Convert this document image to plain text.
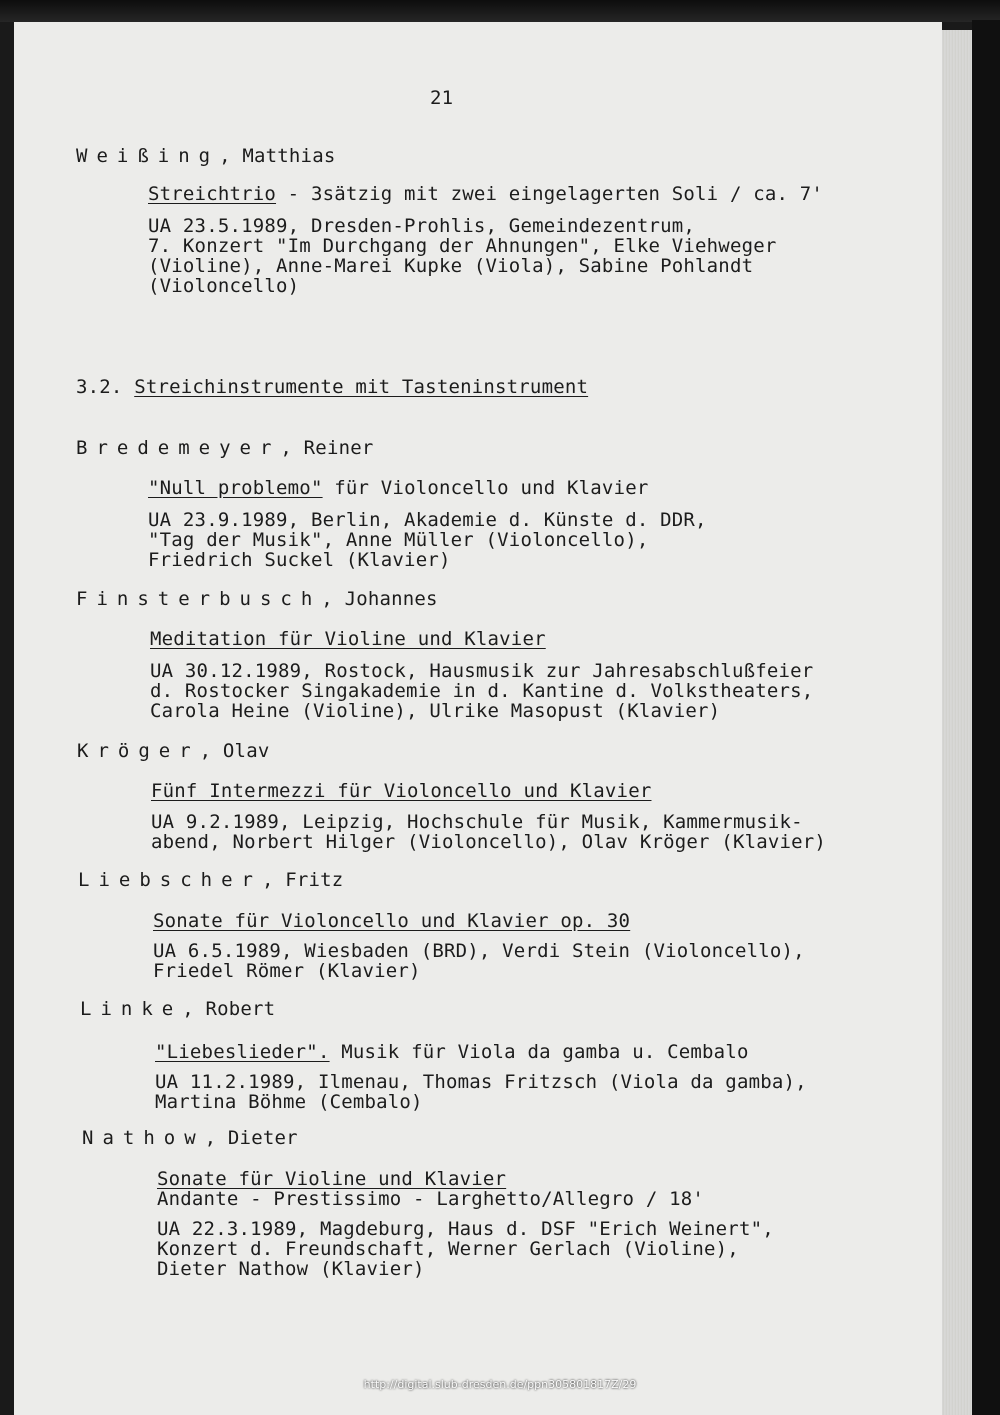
21
Weißing, Matthias
Streichtrio - 3sätzig mit zwei eingelagerten Soli / ca. 7'
UA 23.5.1989, Dresden-Prohlis, Gemeindezentrum,
7. Konzert "Im Durchgang der Ahnungen", Elke Viehweger
(Violine), Anne-Marei Kupke (Viola), Sabine Pohlandt
(Violoncello)
3.2. Streichinstrumente mit Tasteninstrument
Bredemeyer, Reiner
"Null problemo" für Violoncello und Klavier
UA 23.9.1989, Berlin, Akademie d. Künste d. DDR,
"Tag der Musik", Anne Müller (Violoncello),
Friedrich Suckel (Klavier)
Finsterbusch, Johannes
Meditation für Violine und Klavier
UA 30.12.1989, Rostock, Hausmusik zur Jahresabschlußfeier
d. Rostocker Singakademie in d. Kantine d. Volkstheaters,
Carola Heine (Violine), Ulrike Masopust (Klavier)
Kröger, Olav
Fünf Intermezzi für Violoncello und Klavier
UA 9.2.1989, Leipzig, Hochschule für Musik, Kammermusik-
abend, Norbert Hilger (Violoncello), Olav Kröger (Klavier)
Liebscher, Fritz
Sonate für Violoncello und Klavier op. 30
UA 6.5.1989, Wiesbaden (BRD), Verdi Stein (Violoncello),
Friedel Römer (Klavier)
Linke, Robert
"Liebeslieder". Musik für Viola da gamba u. Cembalo
UA 11.2.1989, Ilmenau, Thomas Fritzsch (Viola da gamba),
Martina Böhme (Cembalo)
Nathow, Dieter
Sonate für Violine und Klavier
Andante - Prestissimo - Larghetto/Allegro / 18'
UA 22.3.1989, Magdeburg, Haus d. DSF "Erich Weinert",
Konzert d. Freundschaft, Werner Gerlach (Violine),
Dieter Nathow (Klavier)
http://digital.slub-dresden.de/ppn305801817Z/29
